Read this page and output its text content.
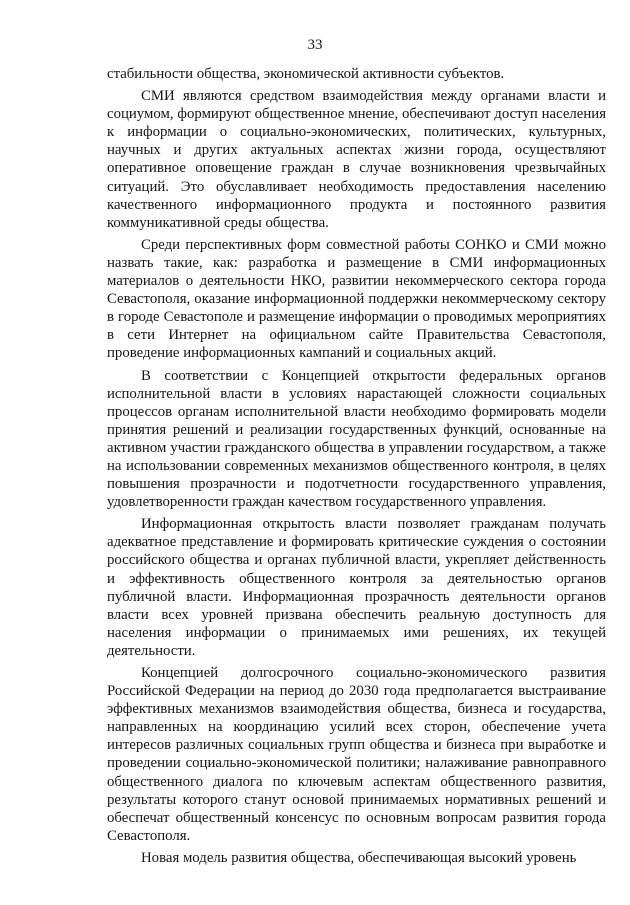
33

стабильности общества, экономической активности субъектов.

СМИ являются средством взаимодействия между органами власти и социумом, формируют общественное мнение, обеспечивают доступ населения к информации о социально-экономических, политических, культурных, научных и других актуальных аспектах жизни города, осуществляют оперативное оповещение граждан в случае возникновения чрезвычайных ситуаций. Это обуславливает необходимость предоставления населению качественного информационного продукта и постоянного развития коммуникативной среды общества.

Среди перспективных форм совместной работы СОНКО и СМИ можно назвать такие, как: разработка и размещение в СМИ информационных материалов о деятельности НКО, развитии некоммерческого сектора города Севастополя, оказание информационной поддержки некоммерческому сектору в городе Севастополе и размещение информации о проводимых мероприятиях в сети Интернет на официальном сайте Правительства Севастополя, проведение информационных кампаний и социальных акций.

В соответствии с Концепцией открытости федеральных органов исполнительной власти в условиях нарастающей сложности социальных процессов органам исполнительной власти необходимо формировать модели принятия решений и реализации государственных функций, основанные на активном участии гражданского общества в управлении государством, а также на использовании современных механизмов общественного контроля, в целях повышения прозрачности и подотчетности государственного управления, удовлетворенности граждан качеством государственного управления.

Информационная открытость власти позволяет гражданам получать адекватное представление и формировать критические суждения о состоянии российского общества и органах публичной власти, укрепляет действенность и эффективность общественного контроля за деятельностью органов публичной власти. Информационная прозрачность деятельности органов власти всех уровней призвана обеспечить реальную доступность для населения информации о принимаемых ими решениях, их текущей деятельности.

Концепцией долгосрочного социально-экономического развития Российской Федерации на период до 2030 года предполагается выстраивание эффективных механизмов взаимодействия общества, бизнеса и государства, направленных на координацию усилий всех сторон, обеспечение учета интересов различных социальных групп общества и бизнеса при выработке и проведении социально-экономической политики; налаживание равноправного общественного диалога по ключевым аспектам общественного развития, результаты которого станут основой принимаемых нормативных решений и обеспечат общественный консенсус по основным вопросам развития города Севастополя.

Новая модель развития общества, обеспечивающая высокий уровень
